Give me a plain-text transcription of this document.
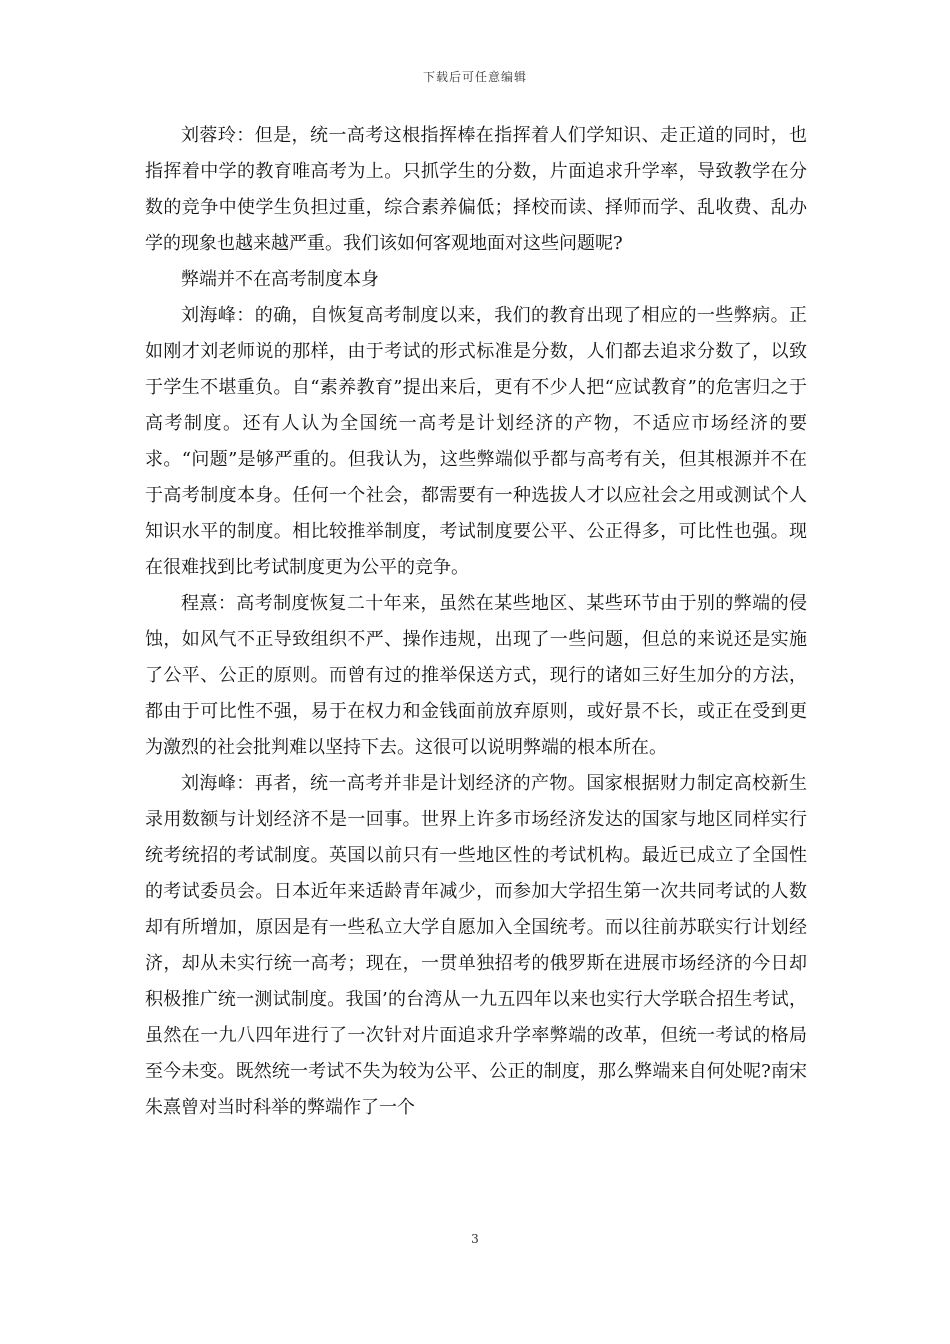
下载后可任意编辑

刘蓉玲：但是，统一高考这根指挥棒在指挥着人们学知识、走正道的同时，也指挥着中学的教育唯高考为上。只抓学生的分数，片面追求升学率，导致教学在分数的竞争中使学生负担过重，综合素养偏低；择校而读、择师而学、乱收费、乱办学的现象也越来越严重。我们该如何客观地面对这些问题呢?

弊端并不在高考制度本身

刘海峰：的确，自恢复高考制度以来，我们的教育出现了相应的一些弊病。正如刚才刘老师说的那样，由于考试的形式标准是分数，人们都去追求分数了，以致于学生不堪重负。自“素养教育”提出来后，更有不少人把“应试教育”的危害归之于高考制度。还有人认为全国统一高考是计划经济的产物，不适应市场经济的要求。“问题”是够严重的。但我认为，这些弊端似乎都与高考有关，但其根源并不在于高考制度本身。任何一个社会，都需要有一种选拔人才以应社会之用或测试个人知识水平的制度。相比较推举制度，考试制度要公平、公正得多，可比性也强。现在很难找到比考试制度更为公平的竞争。

程熹：高考制度恢复二十年来，虽然在某些地区、某些环节由于别的弊端的侵蚀，如风气不正导致组织不严、操作违规，出现了一些问题，但总的来说还是实施了公平、公正的原则。而曾有过的推举保送方式，现行的诸如三好生加分的方法，都由于可比性不强，易于在权力和金钱面前放弃原则，或好景不长，或正在受到更为激烈的社会批判难以坚持下去。这很可以说明弊端的根本所在。

刘海峰：再者，统一高考并非是计划经济的产物。国家根据财力制定高校新生录用数额与计划经济不是一回事。世界上许多市场经济发达的国家与地区同样实行统考统招的考试制度。英国以前只有一些地区性的考试机构。最近已成立了全国性的考试委员会。日本近年来适龄青年减少，而参加大学招生第一次共同考试的人数却有所增加，原因是有一些私立大学自愿加入全国统考。而以往前苏联实行计划经济，却从未实行统一高考；现在，一贯单独招考的俄罗斯在进展市场经济的今日却积极推广统一测试制度。我国’的台湾从一九五四年以来也实行大学联合招生考试，虽然在一九八四年进行了一次针对片面追求升学率弊端的改革，但统一考试的格局至今未变。既然统一考试不失为较为公平、公正的制度，那么弊端来自何处呢?南宋朱熹曾对当时科举的弊端作了一个

3
